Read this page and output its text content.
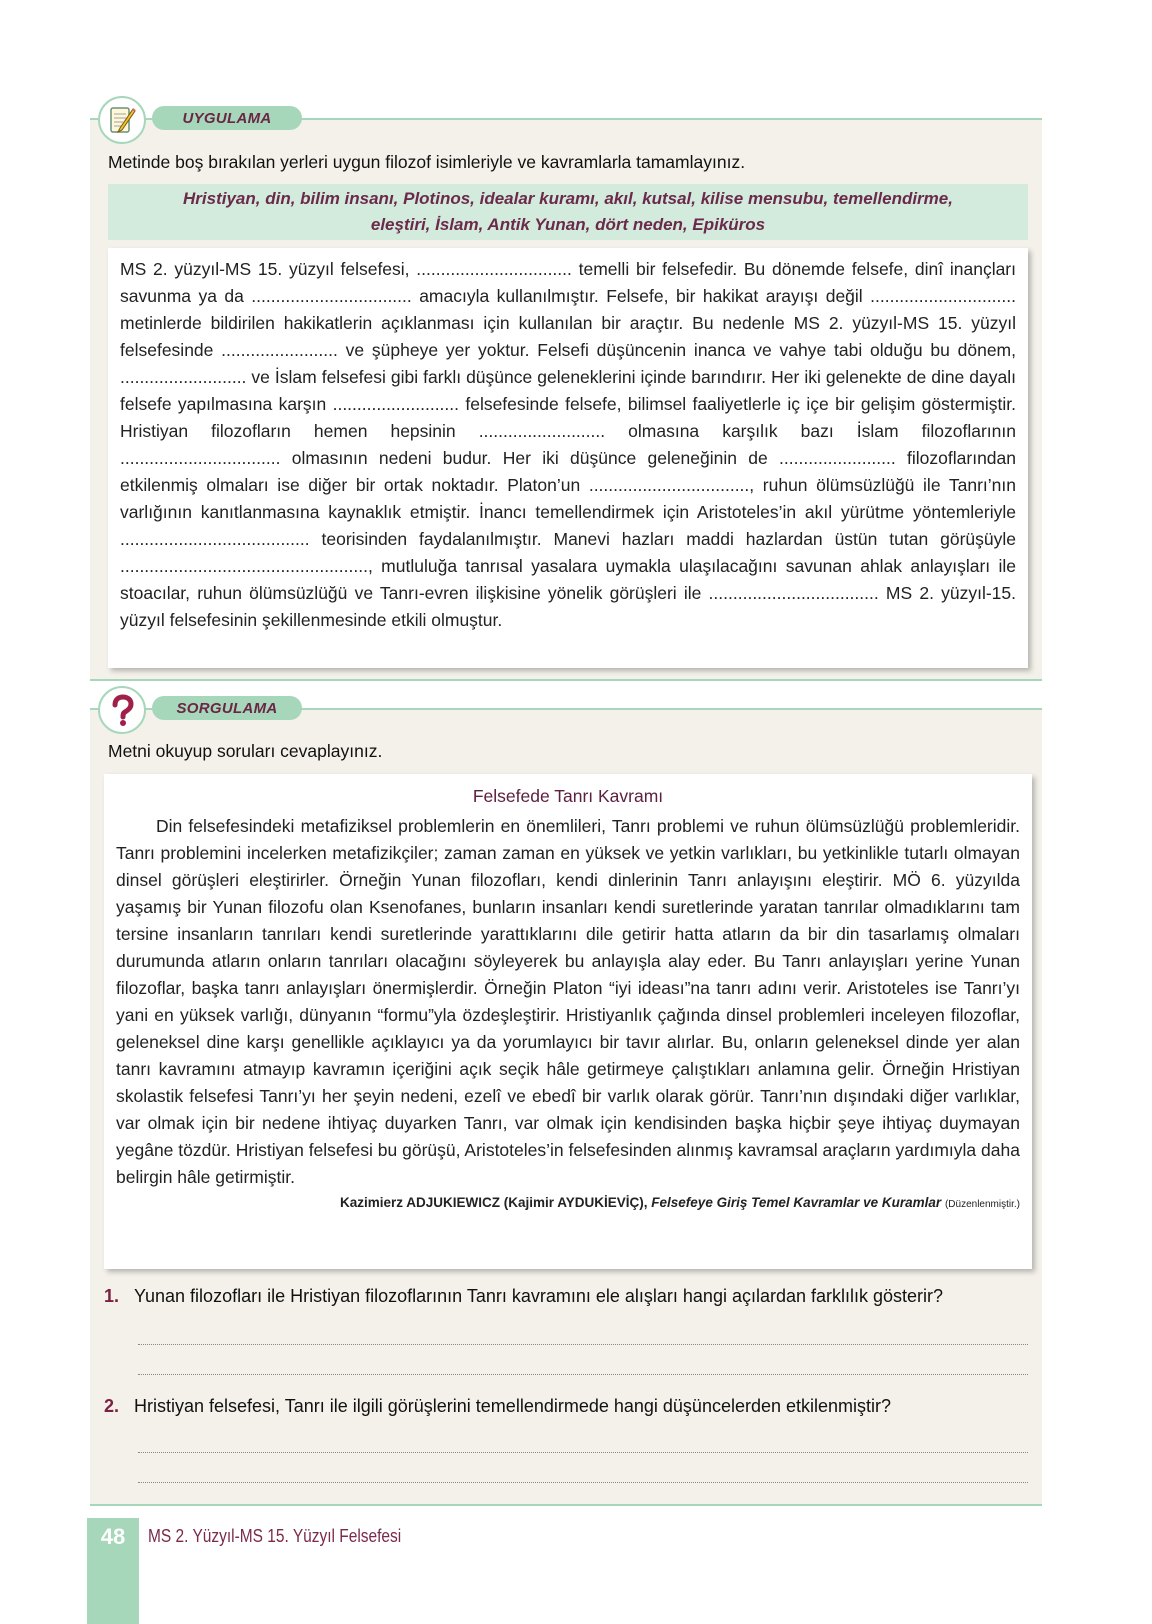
Metinde boş bırakılan yerleri uygun filozof isimleriyle ve kavramlarla tamamlayınız.
Hristiyan, din, bilim insanı, Plotinos, idealar kuramı, akıl, kutsal, kilise mensubu, temellendirme,
eleştiri, İslam, Antik Yunan, dört neden, Epiküros

MS 2. yüzyıl-MS 15. yüzyıl felsefesi, ................................ temelli bir felsefedir. Bu dönemde felsefe, dinî inançları savunma ya da ................................. amacıyla kullanılmıştır. Felsefe, bir hakikat arayışı değil .............................. metinlerde bildirilen hakikatlerin açıklanması için kullanılan bir araçtır. Bu nedenle MS 2. yüzyıl-MS 15. yüzyıl felsefesinde ........................ ve şüpheye yer yoktur. Felsefi düşüncenin inanca ve vahye tabi olduğu bu dönem, .......................... ve İslam felsefesi gibi farklı düşünce geleneklerini içinde barındırır. Her iki gelenekte de dine dayalı felsefe yapılmasına karşın .......................... felsefesinde felsefe, bilimsel faaliyetlerle iç içe bir gelişim göstermiştir. Hristiyan filozofların hemen hepsinin .......................... olmasına karşılık bazı İslam filozoflarının ................................. olmasının nedeni budur. Her iki düşünce geleneğinin de ........................ filozoflarından etkilenmiş olmaları ise diğer bir ortak noktadır. Platon’un ................................., ruhun ölümsüzlüğü ile Tanrı’nın varlığının kanıtlanmasına kaynaklık etmiştir. İnancı temellendirmek için Aristoteles’in akıl yürütme yöntemleriyle ....................................... teorisinden faydalanılmıştır. Manevi hazları maddi hazlardan üstün tutan görüşüyle ..................................................., mutluluğa tanrısal yasalara uymakla ulaşılacağını savunan ahlak anlayışları ile stoacılar, ruhun ölümsüzlüğü ve Tanrı-evren ilişkisine yönelik görüşleri ile ................................... MS 2. yüzyıl-15. yüzyıl felsefesinin şekillenmesinde etkili olmuştur.

UYGULAMA
Metni okuyup soruları cevaplayınız.
Felsefede Tanrı Kavramı

Din felsefesindeki metafiziksel problemlerin en önemlileri, Tanrı problemi ve ruhun ölümsüzlüğü problemleridir. Tanrı problemini incelerken metafizikçiler; zaman zaman en yüksek ve yetkin varlıkları, bu yetkinlikle tutarlı olmayan dinsel görüşleri eleştirirler. Örneğin Yunan filozofları, kendi dinlerinin Tanrı anlayışını eleştirir. MÖ 6. yüzyılda yaşamış bir Yunan filozofu olan Ksenofanes, bunların insanları kendi suretlerinde yaratan tanrılar olmadıklarını tam tersine insanların tanrıları kendi suretlerinde yarattıklarını dile getirir hatta atların da bir din tasarlamış olmaları durumunda atların onların tanrıları olacağını söyleyerek bu anlayışla alay eder. Bu Tanrı anlayışları yerine Yunan filozoflar, başka tanrı anlayışları önermişlerdir. Örneğin Platon “iyi ideası”na tanrı adını verir. Aristoteles ise Tanrı’yı yani en yüksek varlığı, dünyanın “formu”yla özdeşleştirir. Hristiyanlık çağında dinsel problemleri inceleyen filozoflar, geleneksel dine karşı genellikle açıklayıcı ya da yorumlayıcı bir tavır alırlar. Bu, onların geleneksel dinde yer alan tanrı kavramını atmayıp kavramın içeriğini açık seçik hâle getirmeye çalıştıkları anlamına gelir. Örneğin Hristiyan skolastik felsefesi Tanrı’yı her şeyin nedeni, ezelî ve ebedî bir varlık olarak görür. Tanrı’nın dışındaki diğer varlıklar, var olmak için bir nedene ihtiyaç duyarken Tanrı, var olmak için kendisinden başka hiçbir şeye ihtiyaç duymayan yegâne tözdür. Hristiyan felsefesi bu görüşü, Aristoteles’in felsefesinden alınmış kavramsal araçların yardımıyla daha belirgin hâle getirmiştir.

Kazimierz ADJUKIEWICZ (Kajimir AYDUKİEVİÇ), Felsefeye Giriş Temel Kavramlar ve Kuramlar (Düzenlenmiştir.)
1. Yunan filozofları ile Hristiyan filozoflarının Tanrı kavramını ele alışları hangi açılardan farklılık gösterir?
2. Hristiyan felsefesi, Tanrı ile ilgili görüşlerini temellendirmede hangi düşüncelerden etkilenmiştir?
SORGULAMA
48	MS 2. Yüzyıl-MS 15. Yüzyıl Felsefesi
